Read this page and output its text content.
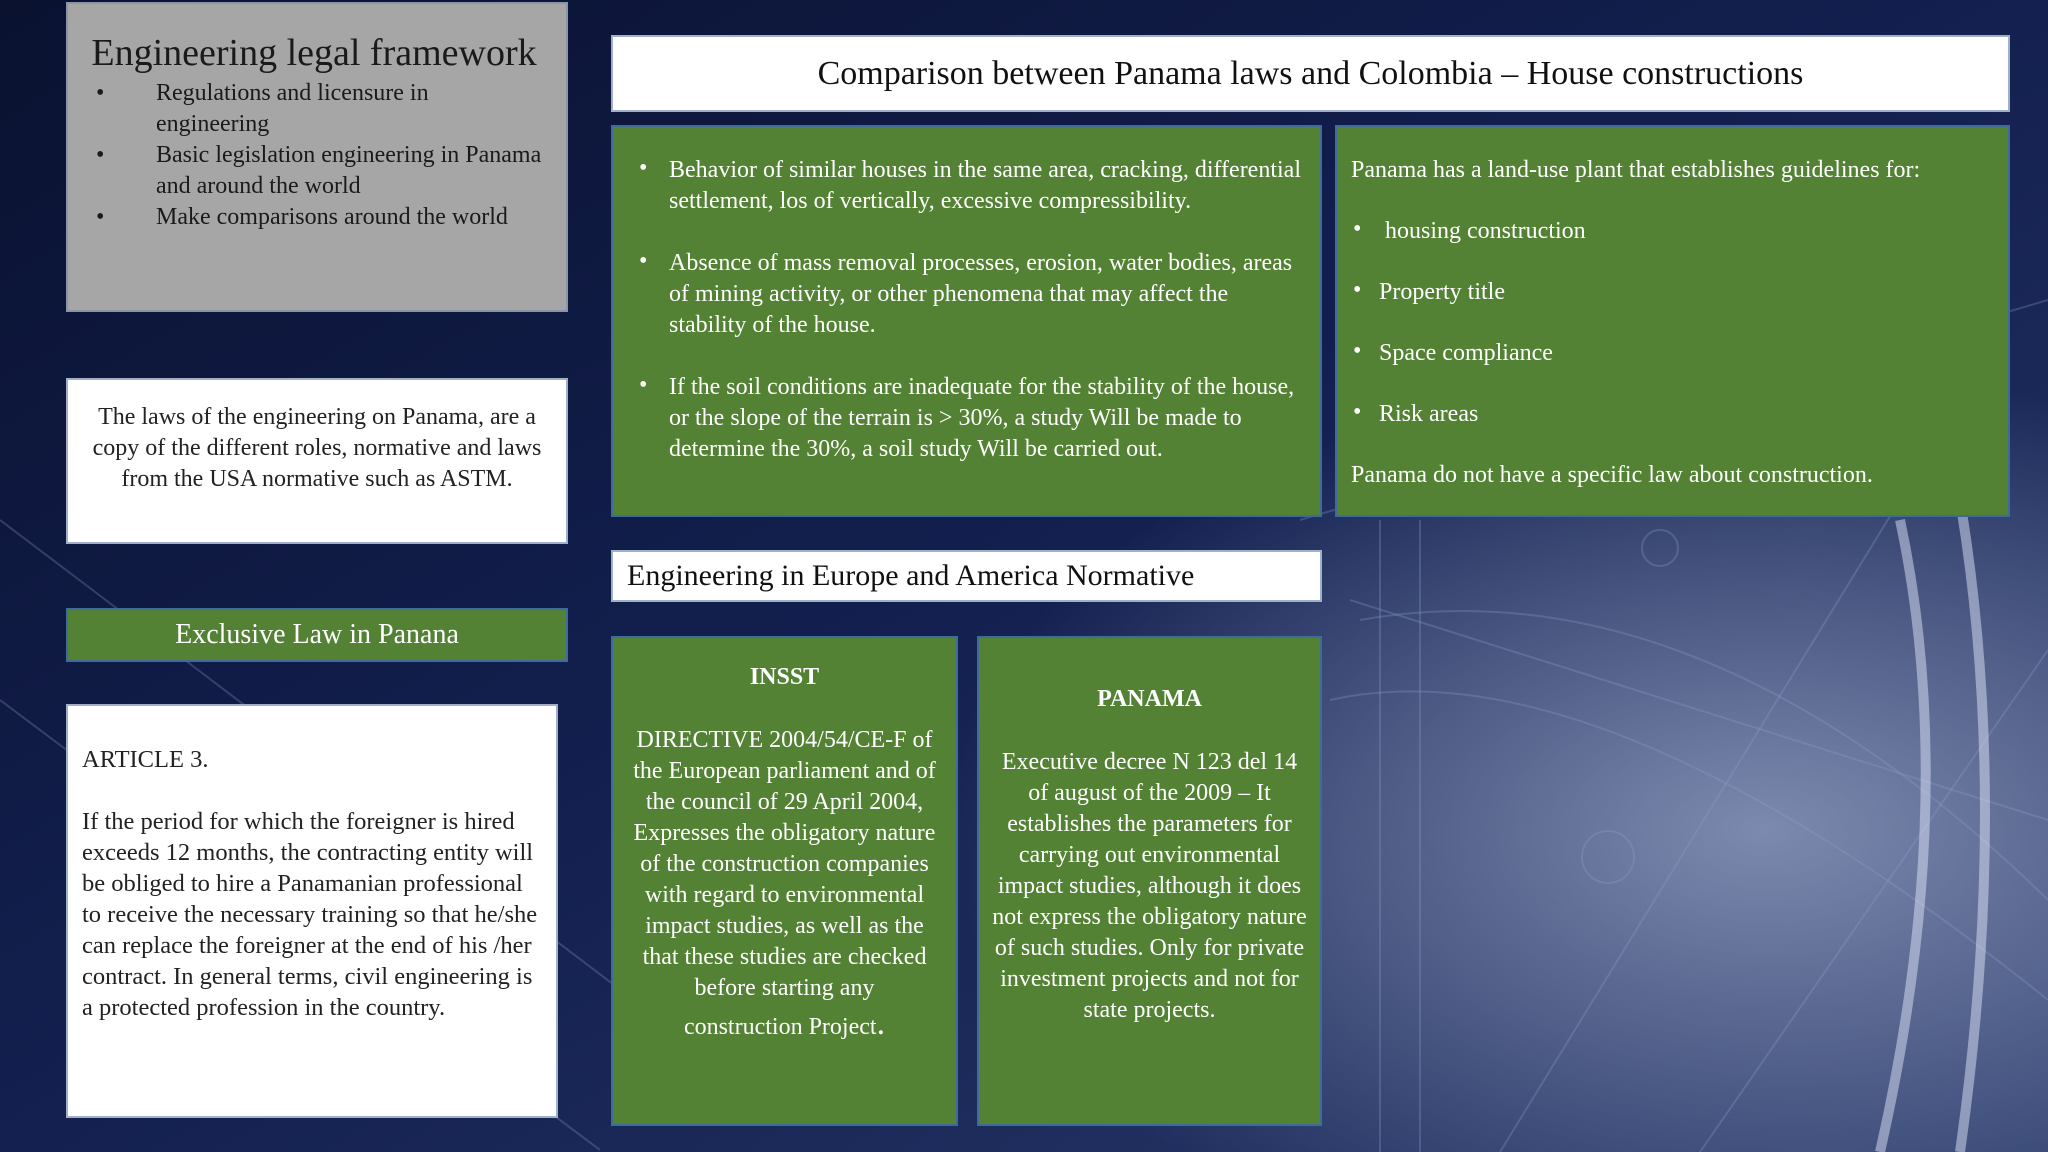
Engineering legal framework
• Regulations and licensure in engineering
• Basic legislation engineering in Panama and around the world
• Make comparisons around the world
The laws of the engineering on Panama, are a copy of the different roles, normative and laws from the USA normative such as ASTM.
Exclusive Law in Panana

ARTICLE 3.

If the period for which the foreigner is hired exceeds 12 months, the contracting entity will be obliged to hire a Panamanian professional to receive the necessary training so that he/she can replace the foreigner at the end of his /her contract. In general terms, civil engineering is a protected profession in the country.

Comparison between Panama laws and Colombia – House constructions
• Behavior of similar houses in the same area, cracking, differential settlement, los of vertically, excessive compressibility.
• Absence of mass removal processes, erosion, water bodies, areas of mining activity, or other phenomena that may affect the stability of the house.
• If the soil conditions are inadequate for the stability of the house, or the slope of the terrain is > 30%, a study Will be made to determine the 30%, a soil study Will be carried out.

Panama has a land-use plant that establishes guidelines for:

• housing construction
• Property title
• Space compliance
• Risk areas

Panama do not have a specific law about construction.

Engineering in Europe and America Normative
INSST
DIRECTIVE 2004/54/CE-F of the European parliament and of the council of 29 April 2004, Expresses the obligatory nature of the construction companies with regard to environmental impact studies, as well as the that these studies are checked before starting any
construction Project.
PANAMA
Executive decree N 123 del 14 of august of the 2009 – It establishes the parameters for carrying out environmental impact studies, although it does not express the obligatory nature of such studies. Only for private investment projects and not for state projects.
